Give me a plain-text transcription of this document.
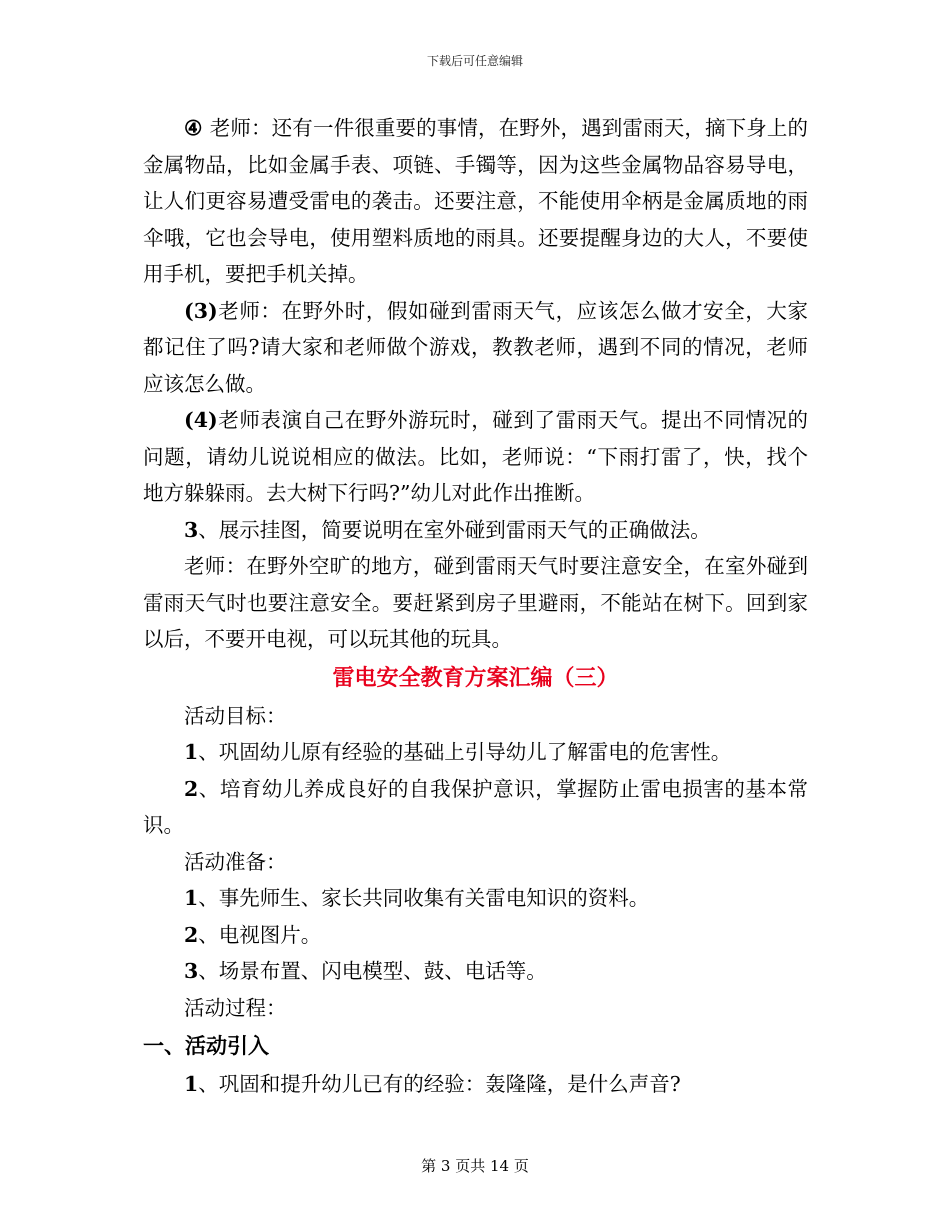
下载后可任意编辑

④ 老师：还有一件很重要的事情，在野外，遇到雷雨天，摘下身上的金属物品，比如金属手表、项链、手镯等，因为这些金属物品容易导电，让人们更容易遭受雷电的袭击。还要注意，不能使用伞柄是金属质地的雨伞哦，它也会导电，使用塑料质地的雨具。还要提醒身边的大人，不要使用手机，要把手机关掉。

(3)老师：在野外时，假如碰到雷雨天气，应该怎么做才安全，大家都记住了吗?请大家和老师做个游戏，教教老师，遇到不同的情况，老师应该怎么做。

(4)老师表演自己在野外游玩时，碰到了雷雨天气。提出不同情况的问题，请幼儿说说相应的做法。比如，老师说：“下雨打雷了，快，找个地方躲躲雨。去大树下行吗?”幼儿对此作出推断。

3、展示挂图，简要说明在室外碰到雷雨天气的正确做法。

老师：在野外空旷的地方，碰到雷雨天气时要注意安全，在室外碰到雷雨天气时也要注意安全。要赶紧到房子里避雨，不能站在树下。回到家以后，不要开电视，可以玩其他的玩具。

雷电安全教育方案汇编（三）

活动目标：

1、巩固幼儿原有经验的基础上引导幼儿了解雷电的危害性。

2、培育幼儿养成良好的自我保护意识，掌握防止雷电损害的基本常识。

活动准备：

1、事先师生、家长共同收集有关雷电知识的资料。

2、电视图片。

3、场景布置、闪电模型、鼓、电话等。

活动过程：

一、活动引入

1、巩固和提升幼儿已有的经验：轰隆隆，是什么声音?

第 3 页共 14 页
